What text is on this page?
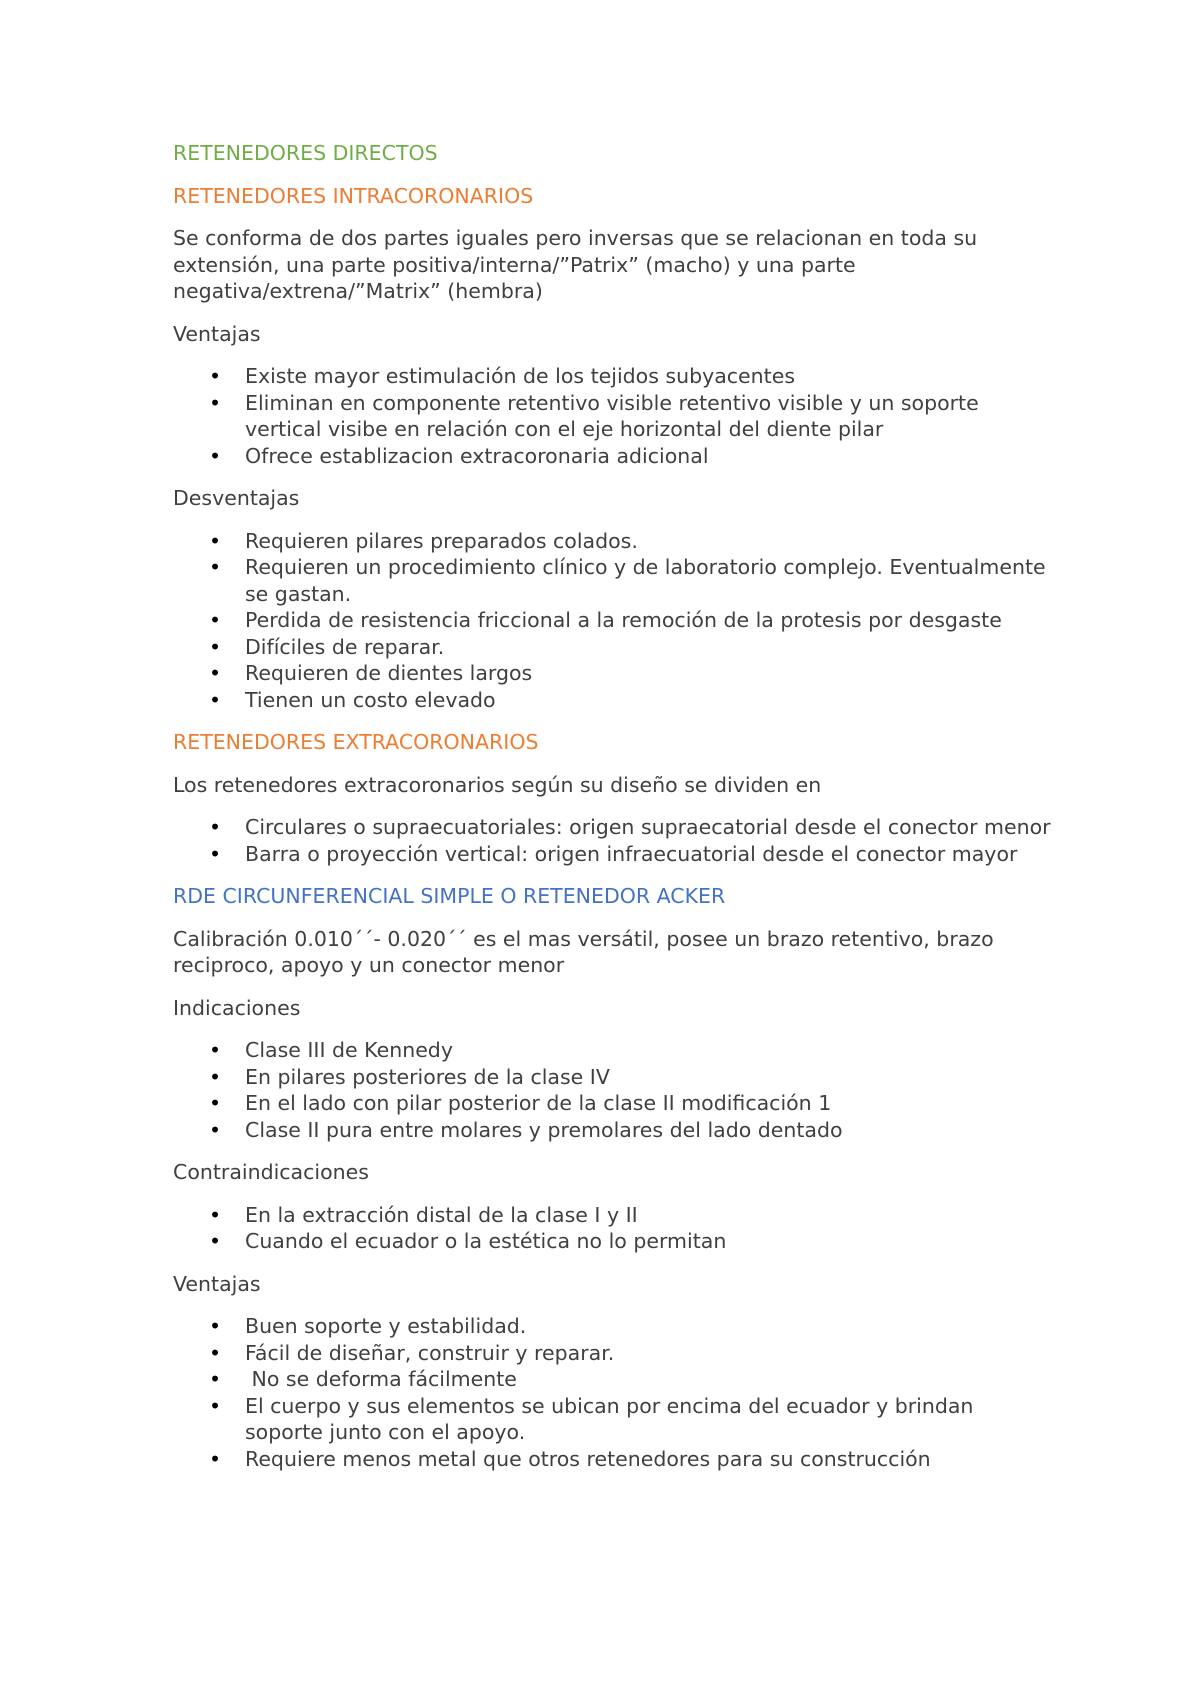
RETENEDORES DIRECTOS
RETENEDORES INTRACORONARIOS

Se conforma de dos partes iguales pero inversas que se relacionan en toda su extensión, una parte positiva/interna/”Patrix” (macho) y una parte negativa/extrena/”Matrix” (hembra)

Ventajas

• Existe mayor estimulación de los tejidos subyacentes
• Eliminan en componente retentivo visible retentivo visible y un soporte vertical visibe en relación con el eje horizontal del diente pilar
• Ofrece establizacion extracoronaria adicional

Desventajas

• Requieren pilares preparados colados.
• Requieren un procedimiento clínico y de laboratorio complejo. Eventualmente se gastan.
• Perdida de resistencia friccional a la remoción de la protesis por desgaste
• Difíciles de reparar.
• Requieren de dientes largos
• Tienen un costo elevado
RETENEDORES EXTRACORONARIOS

Los retenedores extracoronarios según su diseño se dividen en

• Circulares o supraecuatoriales: origen supraecatorial desde el conector menor
• Barra o proyección vertical: origen infraecuatorial desde el conector mayor
RDE CIRCUNFERENCIAL SIMPLE O RETENEDOR ACKER

Calibración 0.010´´- 0.020´´ es el mas versátil, posee un brazo retentivo, brazo reciproco, apoyo y un conector menor

Indicaciones

• Clase III de Kennedy
• En pilares posteriores de la clase IV
• En el lado con pilar posterior de la clase II modificación 1
• Clase II pura entre molares y premolares del lado dentado

Contraindicaciones

• En la extracción distal de la clase I y II
• Cuando el ecuador o la estética no lo permitan

Ventajas

• Buen soporte y estabilidad.
• Fácil de diseñar, construir y reparar.
• No se deforma fácilmente
• El cuerpo y sus elementos se ubican por encima del ecuador y brindan soporte junto con el apoyo.
• Requiere menos metal que otros retenedores para su construcción
